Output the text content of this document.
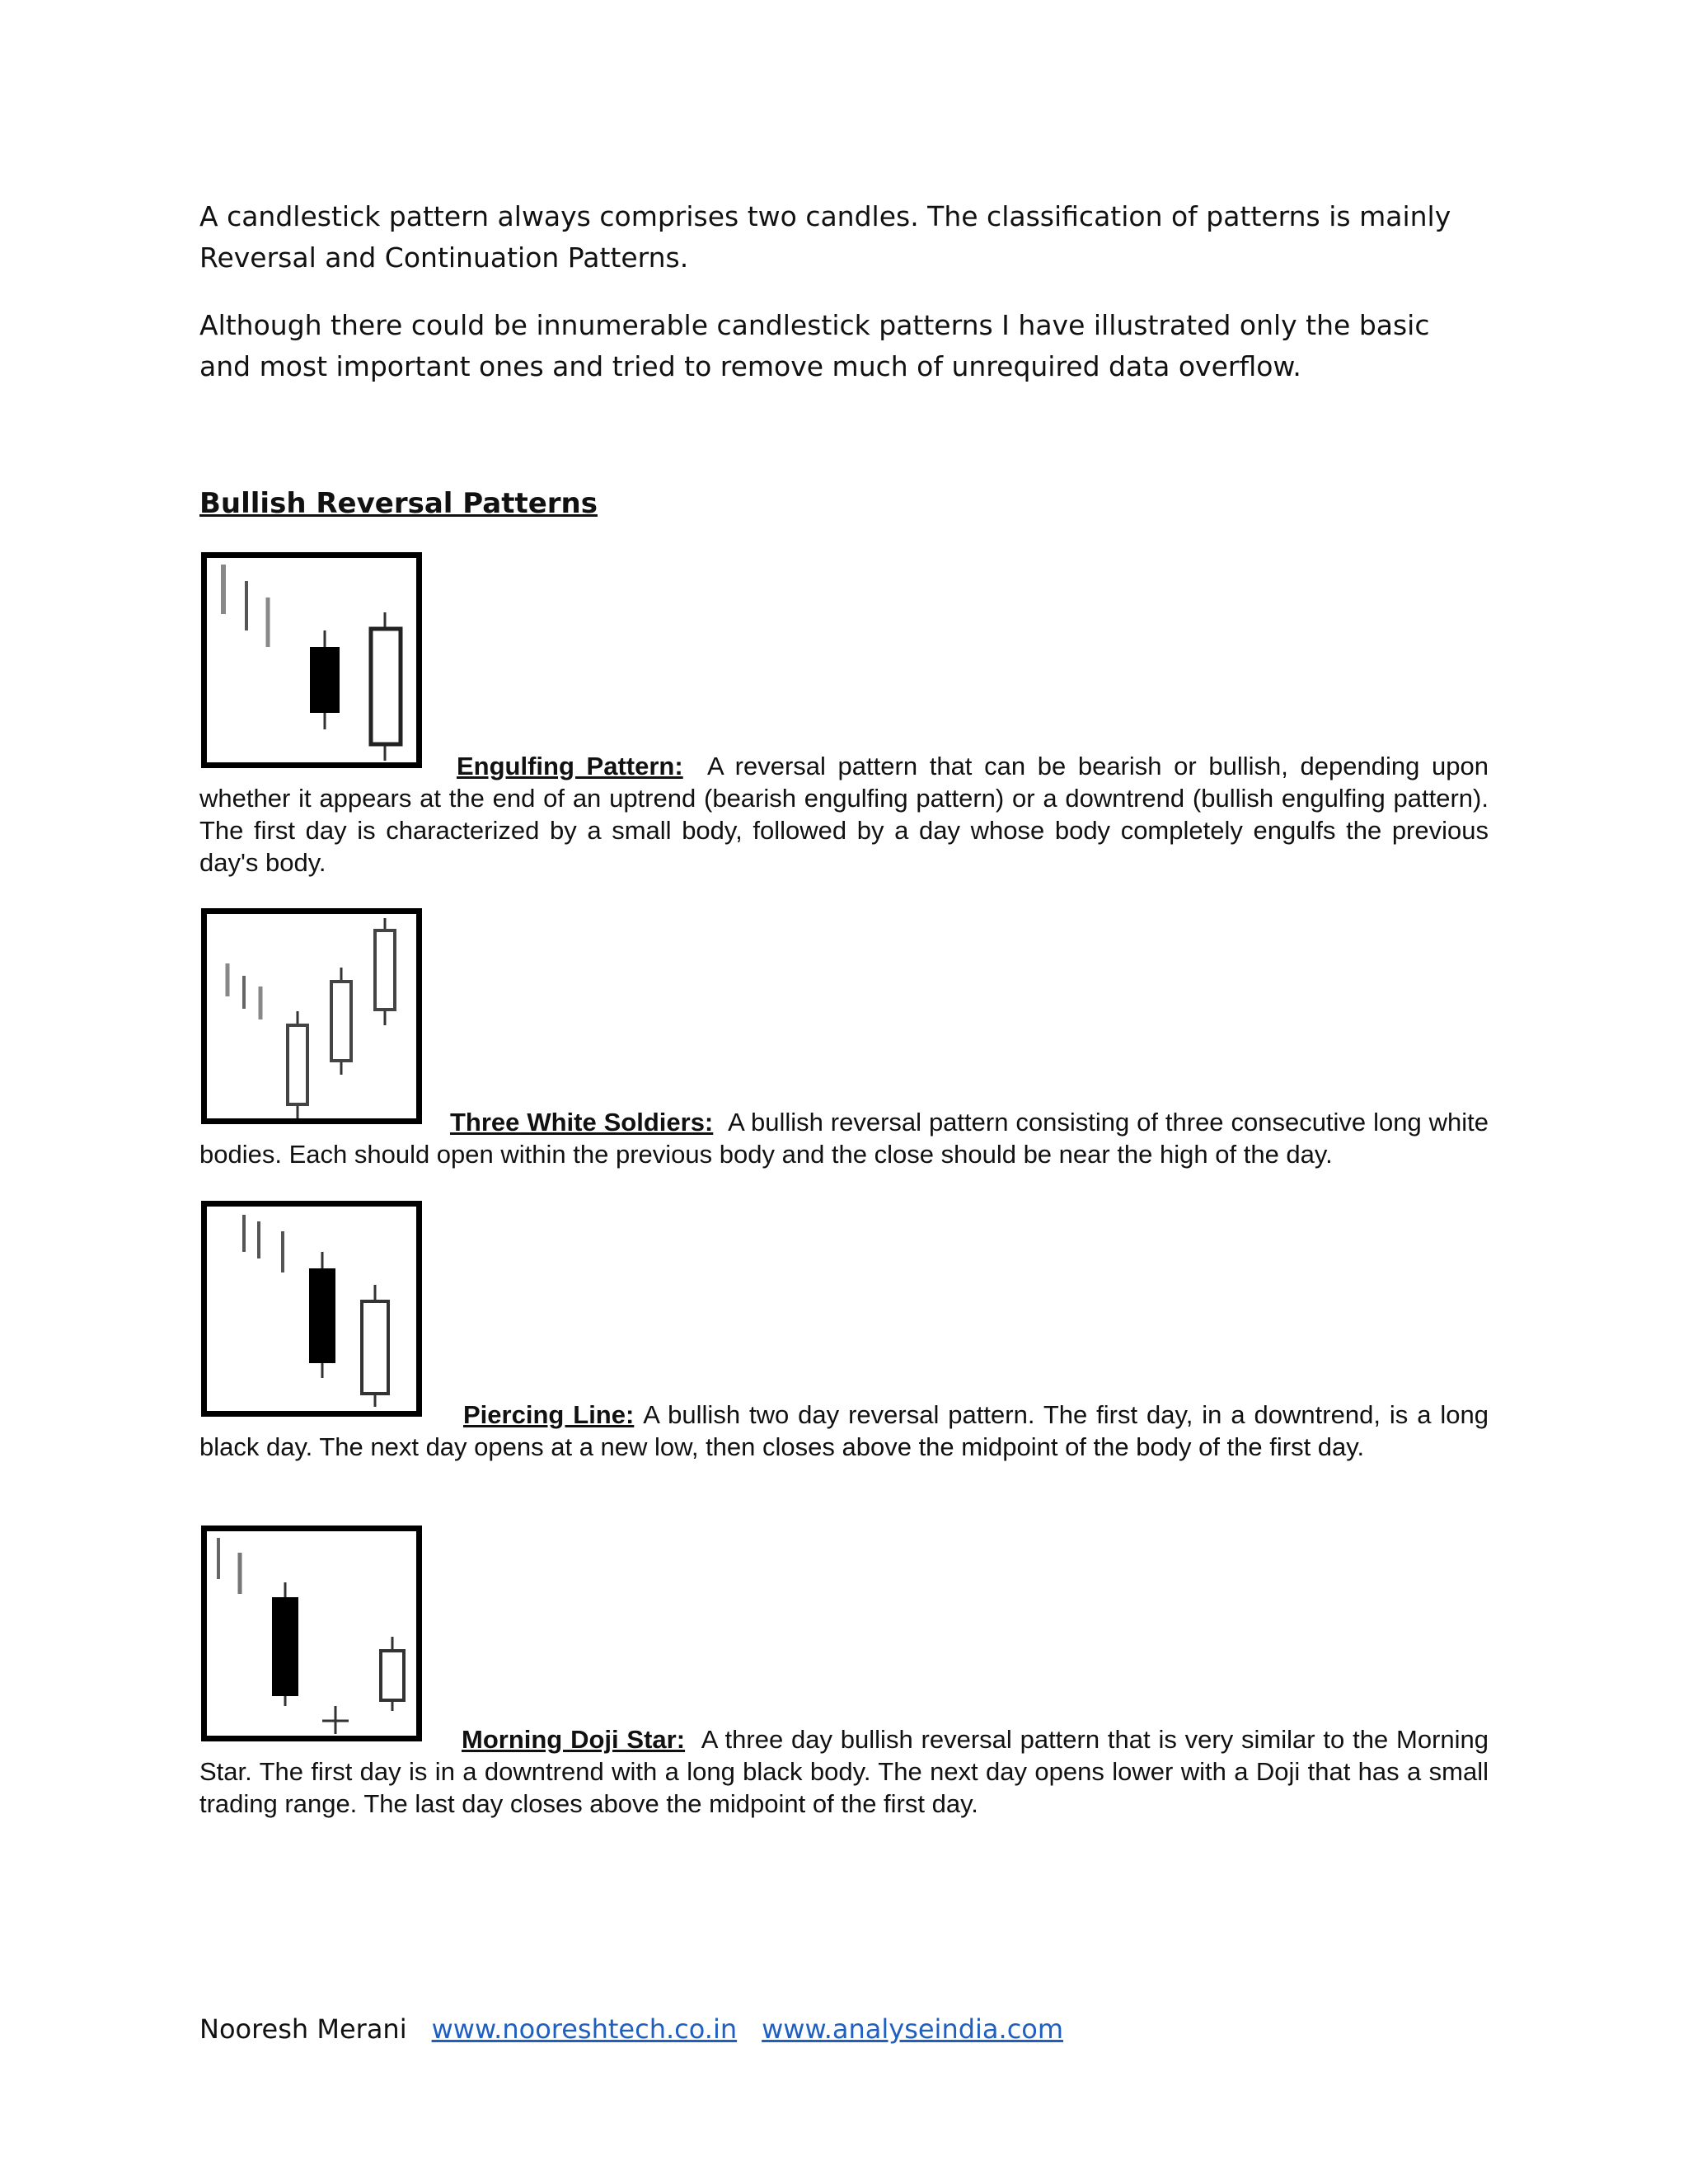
A candlestick pattern always comprises two candles. The classification of patterns is mainly Reversal and Continuation Patterns.

Although there could be innumerable candlestick patterns I have illustrated only the basic and most important ones and tried to remove much of unrequired data overflow.

Bullish Reversal Patterns

Engulfing Pattern: A reversal pattern that can be bearish or bullish, depending upon whether it appears at the end of an uptrend (bearish engulfing pattern) or a downtrend (bullish engulfing pattern). The first day is characterized by a small body, followed by a day whose body completely engulfs the previous day's body.

Three White Soldiers: A bullish reversal pattern consisting of three consecutive long white bodies. Each should open within the previous body and the close should be near the high of the day.

Piercing Line: A bullish two day reversal pattern. The first day, in a downtrend, is a long black day. The next day opens at a new low, then closes above the midpoint of the body of the first day.

Morning Doji Star: A three day bullish reversal pattern that is very similar to the Morning Star. The first day is in a downtrend with a long black body. The next day opens lower with a Doji that has a small trading range. The last day closes above the midpoint of the first day.

Nooresh Merani www.nooreshtech.co.in www.analyseindia.com
